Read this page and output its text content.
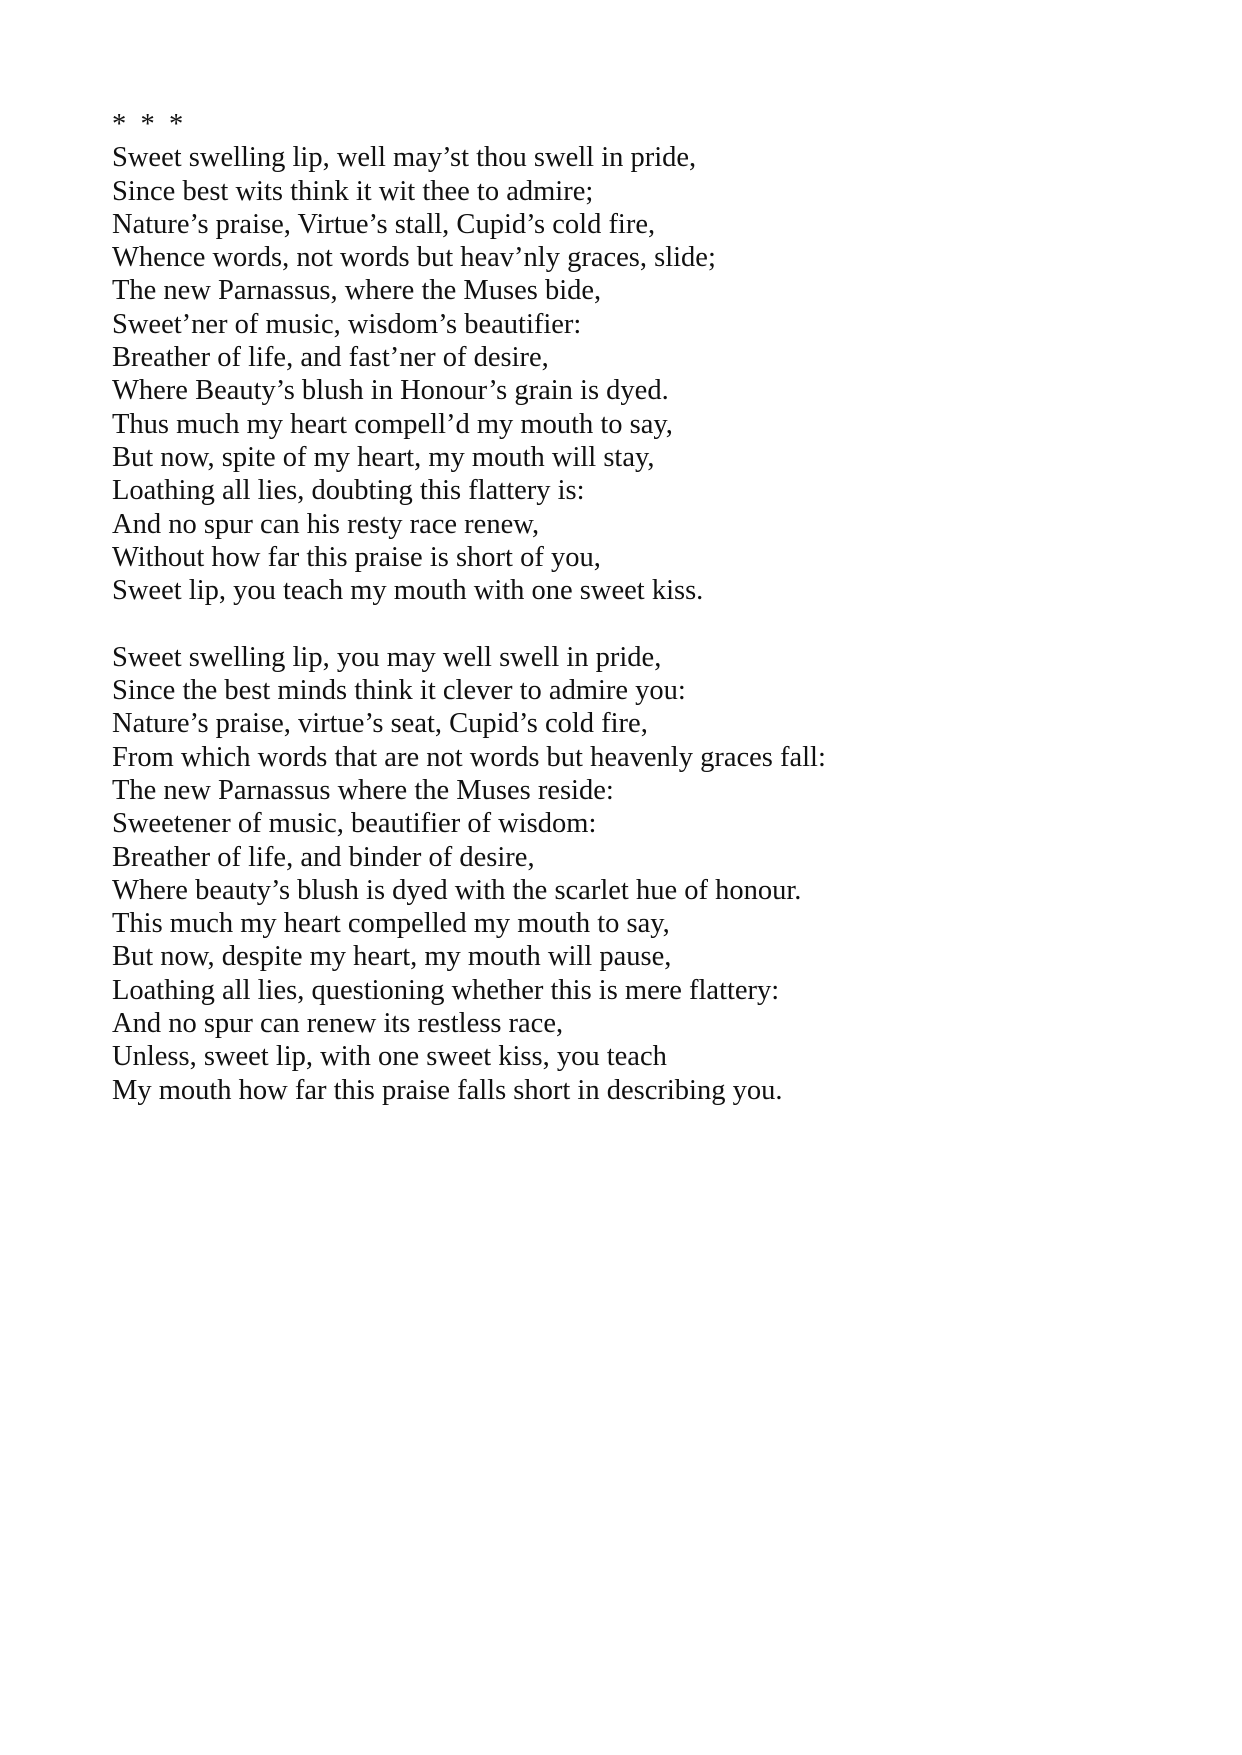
*  *  *
Sweet swelling lip, well may’st thou swell in pride,
Since best wits think it wit thee to admire;
Nature’s praise, Virtue’s stall, Cupid’s cold fire,
Whence words, not words but heav’nly graces, slide;
The new Parnassus, where the Muses bide,
Sweet’ner of music, wisdom’s beautifier:
Breather of life, and fast’ner of desire,
Where Beauty’s blush in Honour’s grain is dyed.
Thus much my heart compell’d my mouth to say,
But now, spite of my heart, my mouth will stay,
Loathing all lies, doubting this flattery is:
And no spur can his resty race renew,
Without how far this praise is short of you,
Sweet lip, you teach my mouth with one sweet kiss.
Sweet swelling lip, you may well swell in pride,
Since the best minds think it clever to admire you:
Nature’s praise, virtue’s seat, Cupid’s cold fire,
From which words that are not words but heavenly graces fall:
The new Parnassus where the Muses reside:
Sweetener of music, beautifier of wisdom:
Breather of life, and binder of desire,
Where beauty’s blush is dyed with the scarlet hue of honour.
This much my heart compelled my mouth to say,
But now, despite my heart, my mouth will pause,
Loathing all lies, questioning whether this is mere flattery:
And no spur can renew its restless race,
Unless, sweet lip, with one sweet kiss, you teach
My mouth how far this praise falls short in describing you.
